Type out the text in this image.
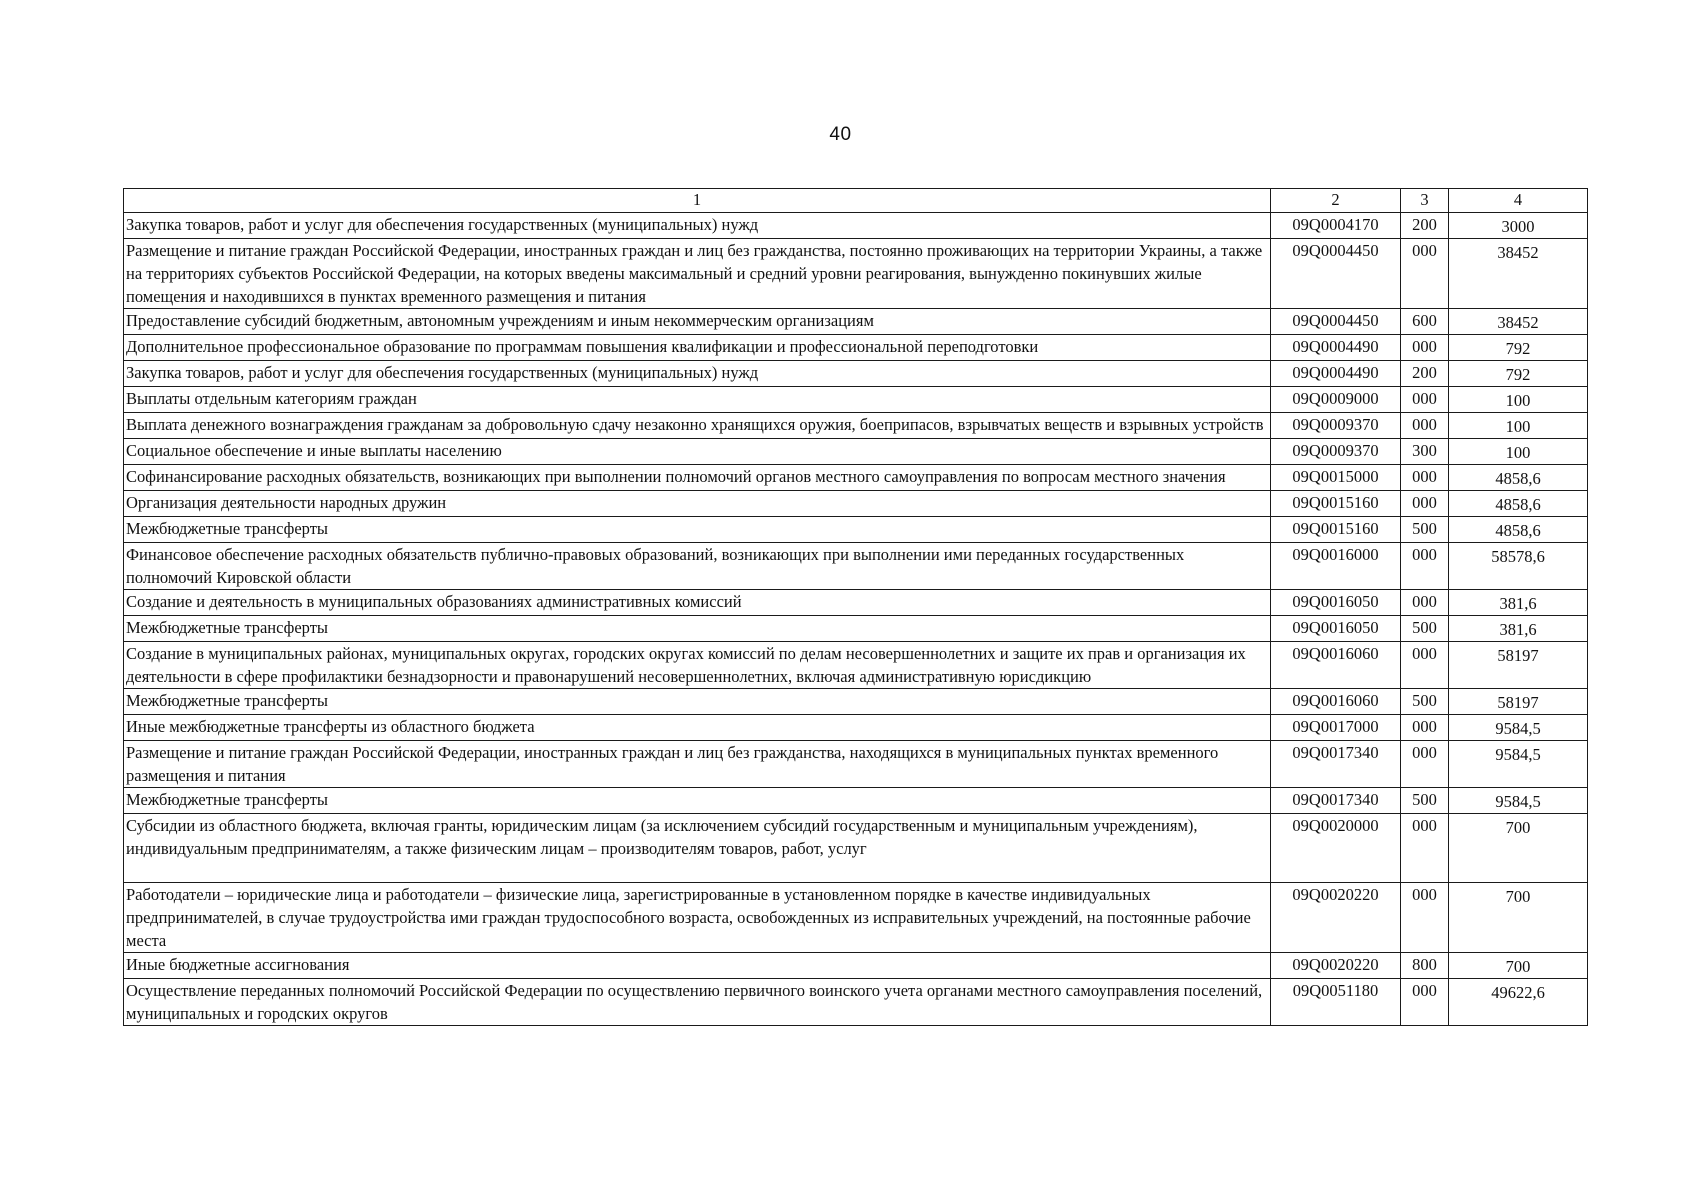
40
1	2	3	4
Закупка товаров, работ и услуг для обеспечения государственных (муниципальных) нужд	09Q0004170	200	3000
Размещение и питание граждан Российской Федерации, иностранных граждан и лиц без гражданства, постоянно проживающих на территории Украины, а также на территориях субъектов Российской Федерации, на которых введены максимальный и средний уровни реагирования, вынужденно покинувших жилые помещения и находившихся в пунктах временного размещения и питания	09Q0004450	000	38452
Предоставление субсидий бюджетным, автономным учреждениям и иным некоммерческим организациям	09Q0004450	600	38452
Дополнительное профессиональное образование по программам повышения квалификации и профессиональной переподготовки	09Q0004490	000	792
Закупка товаров, работ и услуг для обеспечения государственных (муниципальных) нужд	09Q0004490	200	792
Выплаты отдельным категориям граждан	09Q0009000	000	100
Выплата денежного вознаграждения гражданам за добровольную сдачу незаконно хранящихся оружия, боеприпасов, взрывчатых веществ и взрывных устройств	09Q0009370	000	100
Социальное обеспечение и иные выплаты населению	09Q0009370	300	100
Софинансирование расходных обязательств, возникающих при выполнении полномочий органов местного самоуправления по вопросам местного значения	09Q0015000	000	4858,6
Организация деятельности народных дружин	09Q0015160	000	4858,6
Межбюджетные трансферты	09Q0015160	500	4858,6
Финансовое обеспечение расходных обязательств публично-правовых образований, возникающих при выполнении ими переданных государственных полномочий Кировской области	09Q0016000	000	58578,6
Создание и деятельность в муниципальных образованиях административных комиссий	09Q0016050	000	381,6
Межбюджетные трансферты	09Q0016050	500	381,6
Создание в муниципальных районах, муниципальных округах, городских округах комиссий по делам несовершеннолетних и защите их прав и организация их деятельности в сфере профилактики безнадзорности и правонарушений несовершеннолетних, включая административную юрисдикцию	09Q0016060	000	58197
Межбюджетные трансферты	09Q0016060	500	58197
Иные межбюджетные трансферты из областного бюджета	09Q0017000	000	9584,5
Размещение и питание граждан Российской Федерации, иностранных граждан и лиц без гражданства, находящихся в муниципальных пунктах временного размещения и питания	09Q0017340	000	9584,5
Межбюджетные трансферты	09Q0017340	500	9584,5
Субсидии из областного бюджета, включая гранты, юридическим лицам (за исключением субсидий государственным и муниципальным учреждениям), индивидуальным предпринимателям, а также физическим лицам – производителям товаров, работ, услуг	09Q0020000	000	700
Работодатели – юридические лица и работодатели – физические лица, зарегистрированные в установленном порядке в качестве индивидуальных предпринимателей, в случае трудоустройства ими граждан трудоспособного возраста, освобожденных из исправительных учреждений, на постоянные рабочие места	09Q0020220	000	700
Иные бюджетные ассигнования	09Q0020220	800	700
Осуществление переданных полномочий Российской Федерации по осуществлению первичного воинского учета органами местного самоуправления поселений, муниципальных и городских округов	09Q0051180	000	49622,6
